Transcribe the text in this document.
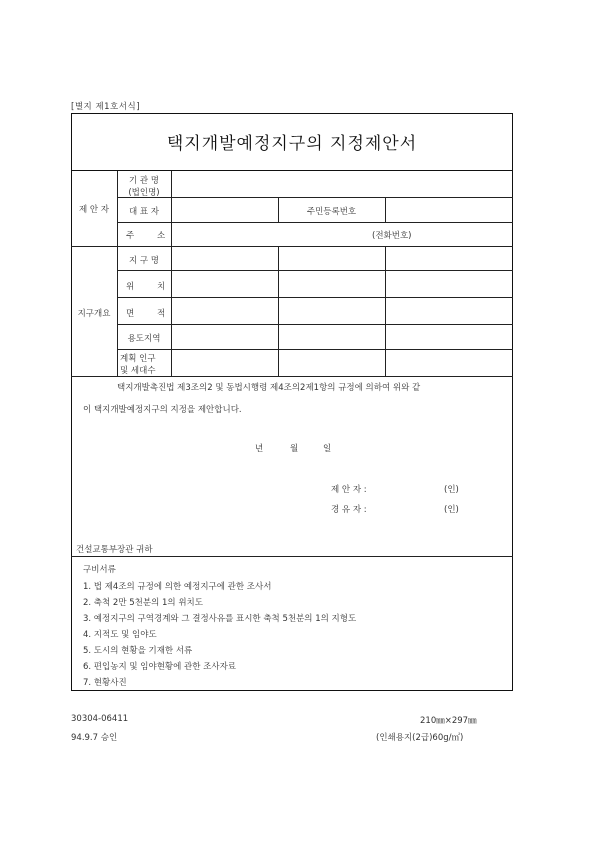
[별지 제1호서식]
택지개발예정지구의 지정제안서
제 안 자
기 관 명
(법인명)
대 표 자	주민등록번호
주	소	(전화번호)
지구개요
지 구 명
위	치
면	적
용도지역
계획 인구
및 세대수
택지개발촉진법 제3조의2 및 동법시행령 제4조의2제1항의 규정에 의하여 위와 같
이 택지개발예정지구의 지정을 제안합니다.
년	월	일
제 안 자 :	(인)
경 유 자 :	(인)
건설교통부장관 귀하
구비서류
1. 법 제4조의 규정에 의한 예정지구에 관한 조사서
2. 축척 2만 5천분의 1의 위치도
3. 예정지구의 구역경계와 그 결정사유를 표시한 축척 5천분의 1의 지형도
4. 지적도 및 임야도
5. 도시의 현황을 기재한 서류
6. 편입농지 및 임야현황에 관한 조사자료
7. 현황사진
30304-06411
94.9.7 승인
210㎜×297㎜
(인쇄용지(2급)60g/㎡)
